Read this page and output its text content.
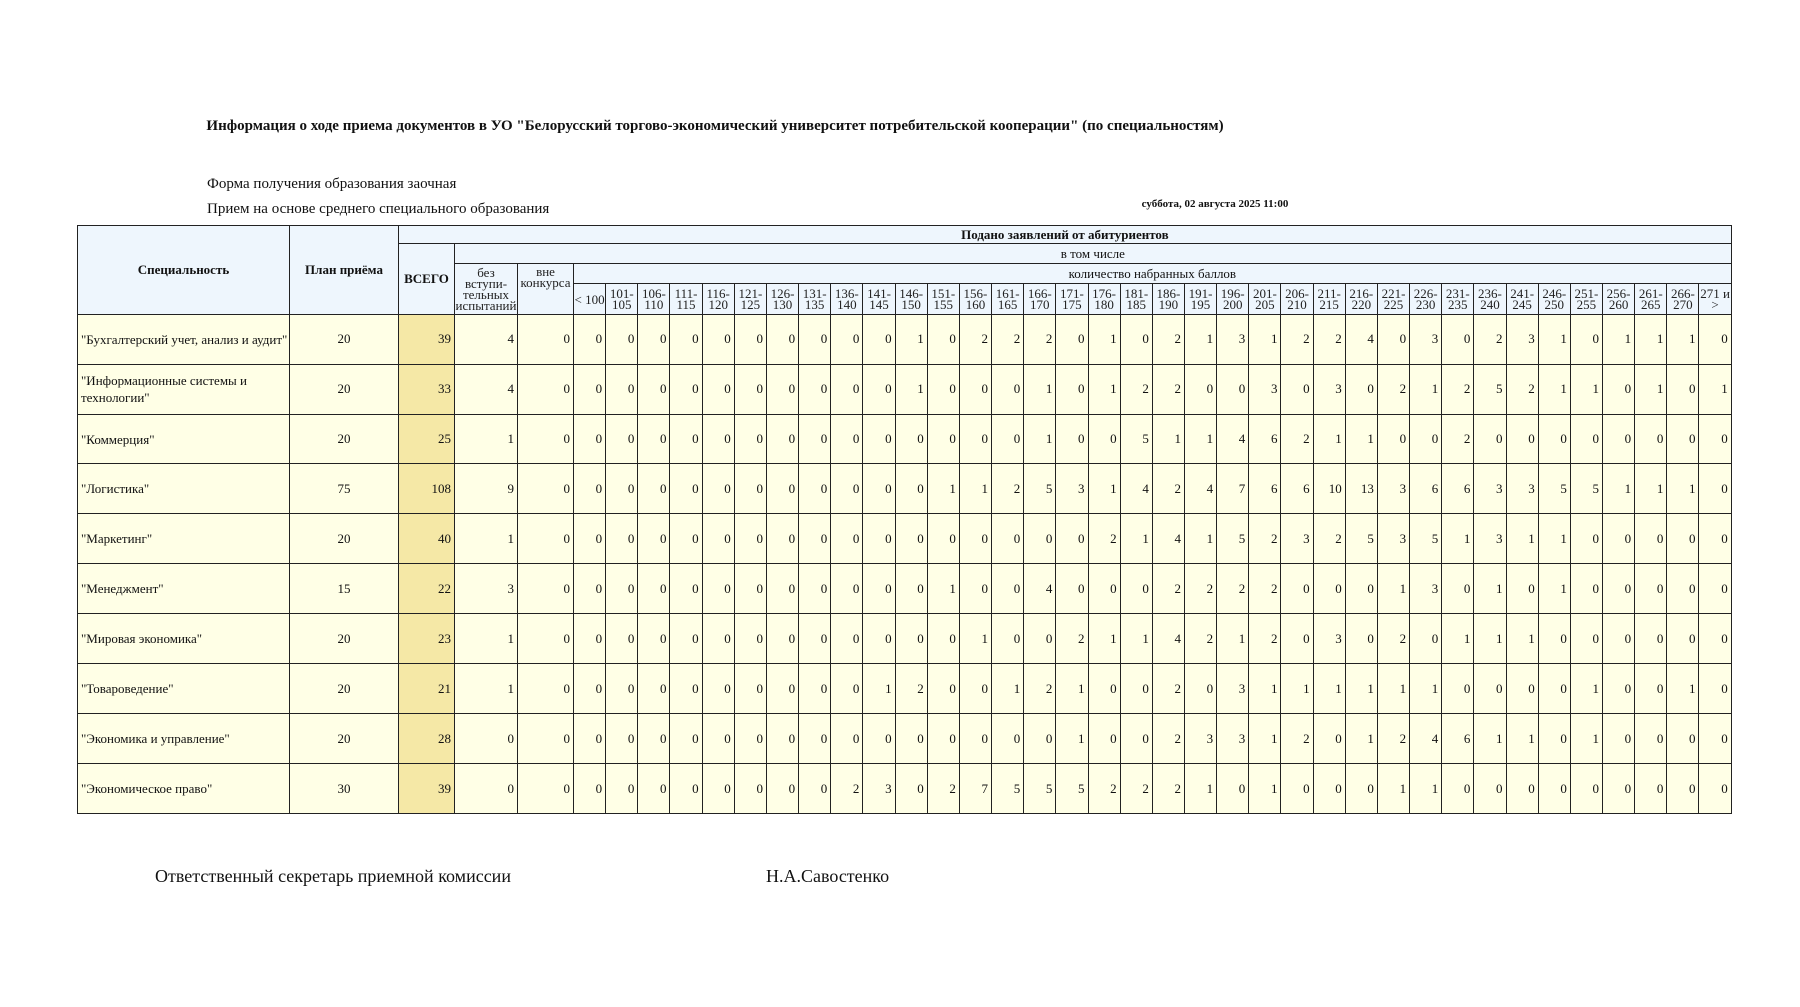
Информация о ходе приема документов в УО "Белорусский торгово-экономический университет потребительской кооперации" (по специальностям)
Форма получения образования заочная
Прием на основе среднего специального образования	суббота, 02 августа 2025 11:00
Специальность	План приёма	Подано заявлений от абитуриентов																																							
		ВСЕГО	в том числе																																						
			без вступи-тельных испытаний	вне конкурса	количество набранных баллов																																				
					< 100	101-105	106-110	111-115	116-120	121-125	126-130	131-135	136-140	141-145	146-150	151-155	156-160	161-165	166-170	171-175	176-180	181-185	186-190	191-195	196-200	201-205	206-210	211-215	216-220	221-225	226-230	231-235	236-240	241-245	246-250	251-255	256-260	261-265	266-270	271 и >	
"Бухгалтерский учет, анализ и аудит"	20	39	4	0	0	0	0	0	0	0	0	0	0	0	1	0	2	2	2	0	1	0	2	1	3	1	2	2	4	0	3	0	2	3	1	0	1	1	1	0	
"Информационные системы и технологии"	20	33	4	0	0	0	0	0	0	0	0	0	0	0	1	0	0	0	1	0	1	2	2	0	0	3	0	3	0	2	1	2	5	2	1	1	0	1	0	1	
"Коммерция"	20	25	1	0	0	0	0	0	0	0	0	0	0	0	0	0	0	0	1	0	0	5	1	1	4	6	2	1	1	0	0	2	0	0	0	0	0	0	0	0	
"Логистика"	75	108	9	0	0	0	0	0	0	0	0	0	0	0	0	1	1	2	5	3	1	4	2	4	7	6	6	10	13	3	6	6	3	3	5	5	1	1	1	0	
"Маркетинг"	20	40	1	0	0	0	0	0	0	0	0	0	0	0	0	0	0	0	0	0	2	1	4	1	5	2	3	2	5	3	5	1	3	1	1	0	0	0	0	0	
"Менеджмент"	15	22	3	0	0	0	0	0	0	0	0	0	0	0	0	1	0	0	4	0	0	0	2	2	2	2	0	0	0	1	3	0	1	0	1	0	0	0	0	0	
"Мировая экономика"	20	23	1	0	0	0	0	0	0	0	0	0	0	0	0	0	1	0	0	2	1	1	4	2	1	2	0	3	0	2	0	1	1	1	0	0	0	0	0	0	
"Товароведение"	20	21	1	0	0	0	0	0	0	0	0	0	0	1	2	0	0	1	2	1	0	0	2	0	3	1	1	1	1	1	1	0	0	0	0	1	0	0	1	0	
"Экономика и управление"	20	28	0	0	0	0	0	0	0	0	0	0	0	0	0	0	0	0	0	1	0	0	2	3	3	1	2	0	1	2	4	6	1	1	0	1	0	0	0	0	
"Экономическое право"	30	39	0	0	0	0	0	0	0	0	0	0	2	3	0	2	7	5	5	5	2	2	2	1	0	1	0	0	0	1	1	0	0	0	0	0	0	0	0	0	
Ответственный секретарь приемной комиссии	Н.А.Савостенко
